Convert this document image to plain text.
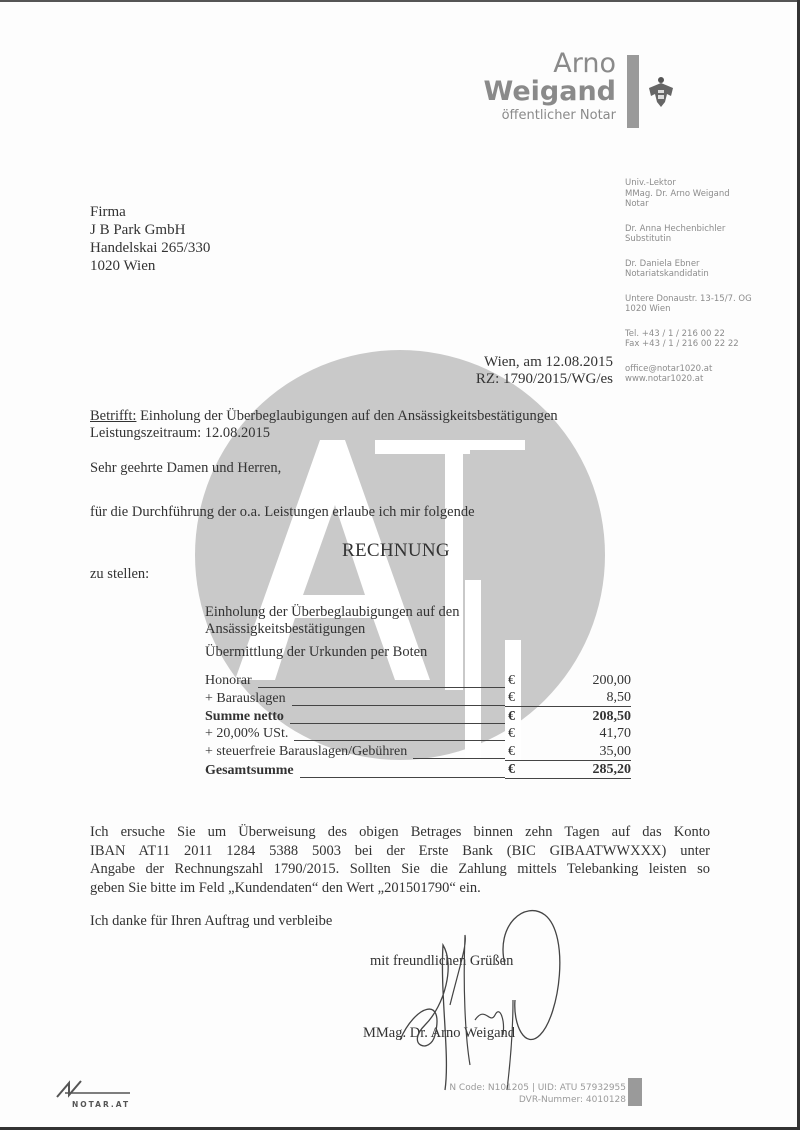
Arno
Weigand
öffentlicher Notar
Univ.-Lektor
MMag. Dr. Arno Weigand
Notar
Dr. Anna Hechenbichler
Substitutin
Dr. Daniela Ebner
Notariatskandidatin
Untere Donaustr. 13-15/7. OG
1020 Wien
Tel. +43 / 1 / 216 00 22
Fax +43 / 1 / 216 00 22 22
office@notar1020.at
www.notar1020.at
Firma
J B Park GmbH
Handelskai 265/330
1020 Wien
Wien, am 12.08.2015
RZ: 1790/2015/WG/es
Betrifft: Einholung der Überbeglaubigungen auf den Ansässigkeitsbestätigungen
Leistungszeitraum: 12.08.2015
Sehr geehrte Damen und Herren,
für die Durchführung der o.a. Leistungen erlaube ich mir folgende
RECHNUNG
zu stellen:
Einholung der Überbeglaubigungen auf den
Ansässigkeitsbestätigungen
Übermittlung der Urkunden per Boten
Honorar	€	200,00
+ Barauslagen	€	8,50
Summe netto	€	208,50
+ 20,00% USt.	€	41,70
+ steuerfreie Barauslagen/Gebühren	€	35,00
Gesamtsumme	€	285,20
Ich ersuche Sie um Überweisung des obigen Betrages binnen zehn Tagen auf das Konto
IBAN AT11 2011 1284 5388 5003 bei der Erste Bank (BIC GIBAATWWXXX) unter
Angabe der Rechnungszahl 1790/2015. Sollten Sie die Zahlung mittels Telebanking leisten so
geben Sie bitte im Feld „Kundendaten“ den Wert „201501790“ ein.
Ich danke für Ihren Auftrag und verbleibe
mit freundlichen Grüßen
MMag. Dr. Arno Weigand
NOTAR.AT
N Code: N101205 | UID: ATU 57932955
DVR-Nummer: 4010128
